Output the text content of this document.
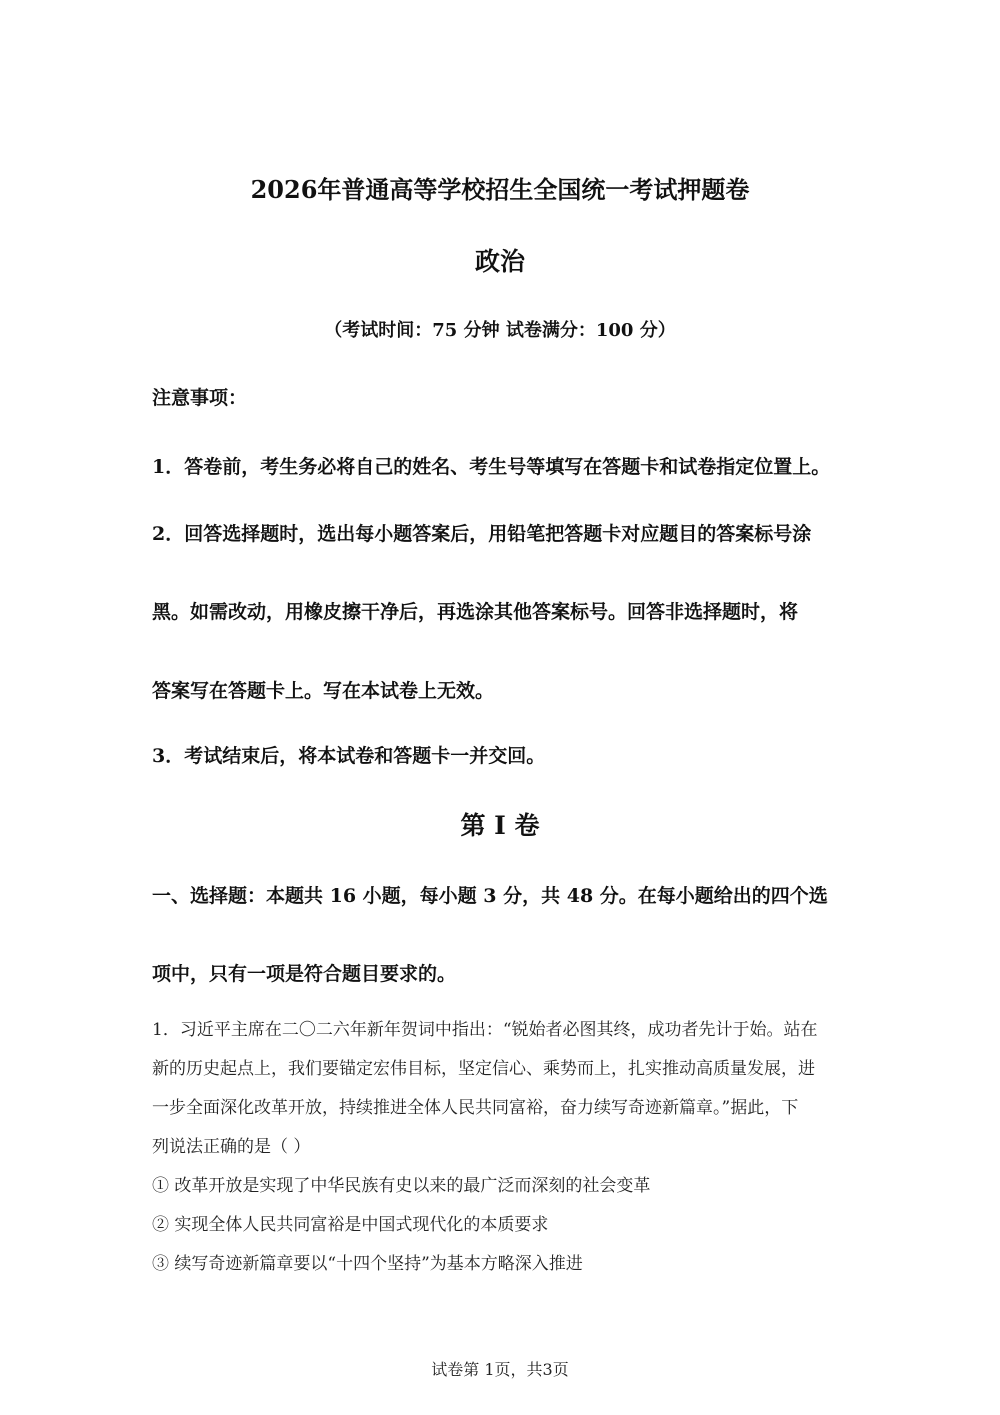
2026年普通高等学校招生全国统一考试押题卷
政治
（考试时间：75 分钟 试卷满分：100 分）
注意事项：
1．答卷前，考生务必将自己的姓名、考生号等填写在答题卡和试卷指定位置上。
2．回答选择题时，选出每小题答案后，用铅笔把答题卡对应题目的答案标号涂
黑。如需改动，用橡皮擦干净后，再选涂其他答案标号。回答非选择题时，将
答案写在答题卡上。写在本试卷上无效。
3．考试结束后，将本试卷和答题卡一并交回。
第 I 卷
一、选择题：本题共 16 小题，每小题 3 分，共 48 分。在每小题给出的四个选
项中，只有一项是符合题目要求的。
1．习近平主席在二〇二六年新年贺词中指出：“锐始者必图其终，成功者先计于始。站在
新的历史起点上，我们要锚定宏伟目标，坚定信心、乘势而上，扎实推动高质量发展，进
一步全面深化改革开放，持续推进全体人民共同富裕，奋力续写奇迹新篇章。”据此，下
列说法正确的是（ ）
① 改革开放是实现了中华民族有史以来的最广泛而深刻的社会变革
② 实现全体人民共同富裕是中国式现代化的本质要求
③ 续写奇迹新篇章要以“十四个坚持”为基本方略深入推进
试卷第 1页，共3页
